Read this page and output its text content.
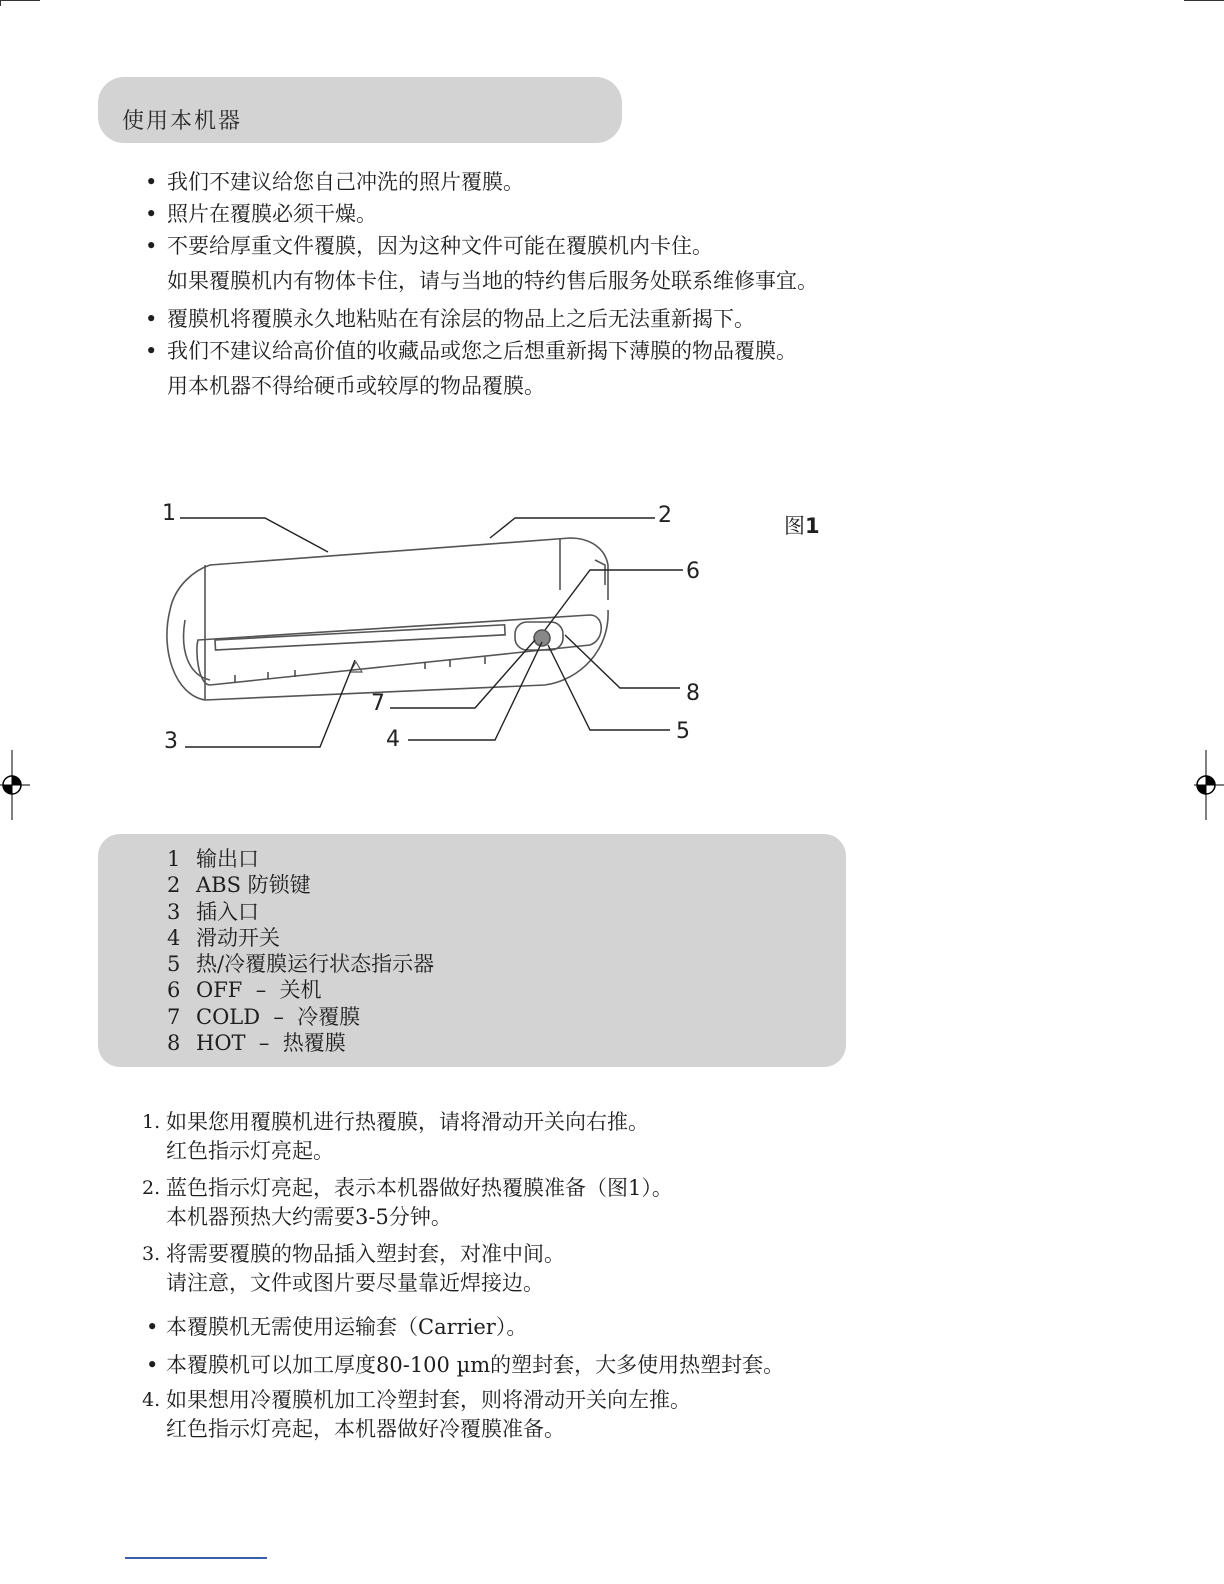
使用本机器
• 我们不建议给您自己冲洗的照片覆膜。
• 照片在覆膜必须干燥。
• 不要给厚重文件覆膜，因为这种文件可能在覆膜机内卡住。
如果覆膜机内有物体卡住，请与当地的特约售后服务处联系维修事宜。
• 覆膜机将覆膜永久地粘贴在有涂层的物品上之后无法重新揭下。
• 我们不建议给高价值的收藏品或您之后想重新揭下薄膜的物品覆膜。
用本机器不得给硬币或较厚的物品覆膜。
1	2
6
7	8
4	5
3
图1
1 输出口
2 ABS 防锁键
3 插入口
4 滑动开关
5 热/冷覆膜运行状态指示器
6 OFF  –  关机
7 COLD  –  冷覆膜
8 HOT  –  热覆膜
1. 如果您用覆膜机进行热覆膜，请将滑动开关向右推。
红色指示灯亮起。
2. 蓝色指示灯亮起，表示本机器做好热覆膜准备（图1）。
本机器预热大约需要3-5分钟。
3. 将需要覆膜的物品插入塑封套，对准中间。
请注意，文件或图片要尽量靠近焊接边。
• 本覆膜机无需使用运输套（Carrier）。
• 本覆膜机可以加工厚度80-100 µm的塑封套，大多使用热塑封套。
4. 如果想用冷覆膜机加工冷塑封套，则将滑动开关向左推。
红色指示灯亮起，本机器做好冷覆膜准备。
